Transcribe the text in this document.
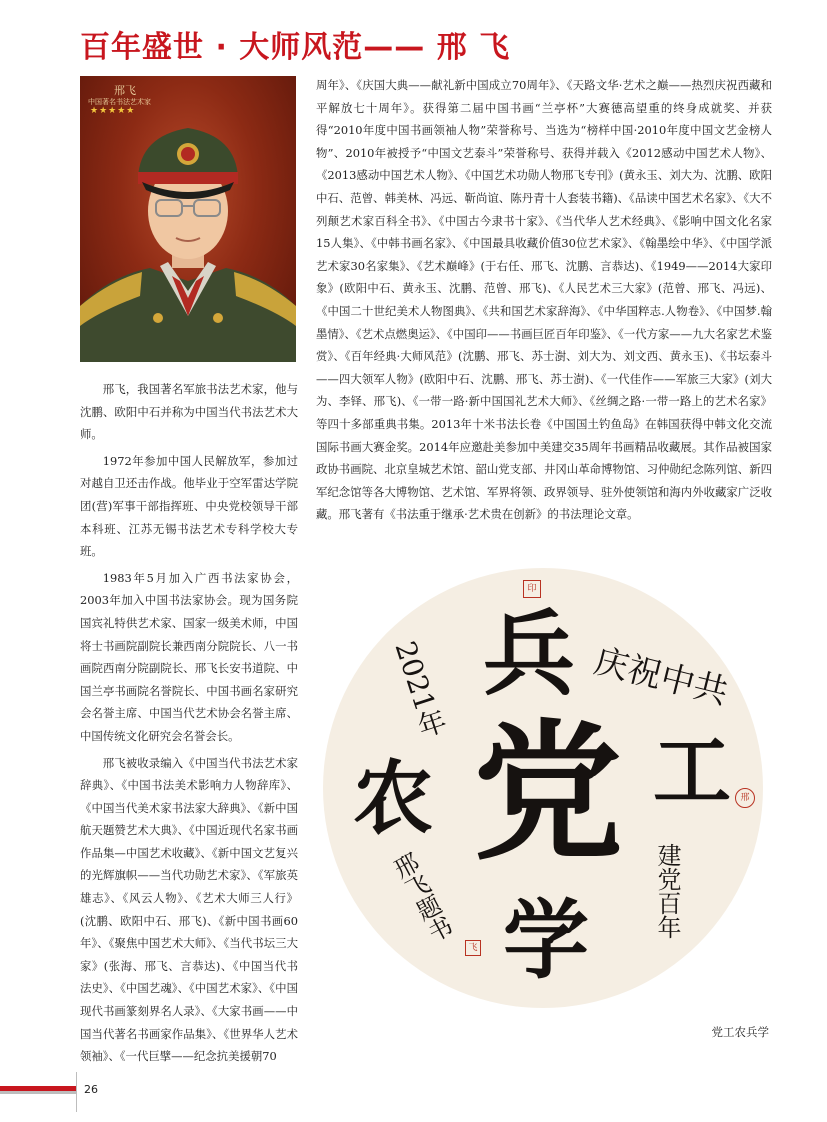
百年盛世 · 大师风范—— 邢 飞
邢飞
中国著名书法艺术家
★★★★★

邢飞，我国著名军旅书法艺术家，他与沈鹏、欧阳中石并称为中国当代书法艺术大师。

1972年参加中国人民解放军，参加过对越自卫还击作战。他毕业于空军雷达学院团(营)军事干部指挥班、中央党校领导干部本科班、江苏无锡书法艺术专科学校大专班。

1983年5月加入广西书法家协会，2003年加入中国书法家协会。现为国务院国宾礼特供艺术家、国家一级美术师，中国将士书画院副院长兼西南分院院长、八一书画院西南分院副院长、邢飞长安书道院、中国兰亭书画院名誉院长、中国书画名家研究会名誉主席、中国当代艺术协会名誉主席、中国传统文化研究会名誉会长。

邢飞被收录编入《中国当代书法艺术家辞典》、《中国书法美术影响力人物辞库》、《中国当代美术家书法家大辞典》、《新中国航天题赞艺术大典》、《中国近现代名家书画作品集—中国艺术收藏》、《新中国文艺复兴的光辉旗帜——当代功勋艺术家》、《军旅英雄志》、《风云人物》、《艺术大师三人行》(沈鹏、欧阳中石、邢飞)、《新中国书画60年》、《聚焦中国艺术大师》、《当代书坛三大家》(张海、邢飞、言恭达)、《中国当代书法史》、《中国艺魂》、《中国艺术家》、《中国现代书画篆刻界名人录》、《大家书画——中国当代著名书画家作品集》、《世界华人艺术领袖》、《一代巨擘——纪念抗美援朝70

周年》、《庆国大典——献礼新中国成立70周年》、《天路文华·艺术之巅——热烈庆祝西藏和平解放七十周年》。获得第二届中国书画“兰亭杯”大赛德高望重的终身成就奖、并获得“2010年度中国书画领袖人物”荣誉称号、当选为“榜样中国·2010年度中国文艺金榜人物”、2010年被授予“中国文艺泰斗”荣誉称号、获得并载入《2012感动中国艺术人物》、《2013感动中国艺术人物》、《中国艺术功勋人物邢飞专刊》(黄永玉、刘大为、沈鹏、欧阳中石、范曾、韩美林、冯远、靳尚谊、陈丹青十人套装书籍)、《品读中国艺术名家》、《大不列颠艺术家百科全书》、《中国古今隶书十家》、《当代华人艺术经典》、《影响中国文化名家15人集》、《中韩书画名家》、《中国最具收藏价值30位艺术家》、《翰墨绘中华》、《中国学派艺术家30名家集》、《艺术巅峰》(于右任、邢飞、沈鹏、言恭达)、《1949——2014大家印象》(欧阳中石、黄永玉、沈鹏、范曾、邢飞)、《人民艺术三大家》(范曾、邢飞、冯远)、《中国二十世纪美术人物图典》、《共和国艺术家辞海》、《中华国粹志.人物卷》、《中国梦.翰墨情》、《艺术点燃奥运》、《中国印——书画巨匠百年印鉴》、《一代方家——九大名家艺术鉴赏》、《百年经典·大师风范》(沈鹏、邢飞、苏士澍、刘大为、刘文西、黄永玉)、《书坛泰斗——四大领军人物》(欧阳中石、沈鹏、邢飞、苏士澍)、《一代佳作——军旅三大家》(刘大为、李铎、邢飞)、《一带一路·新中国国礼艺术大师》、《丝绸之路·一带一路上的艺术名家》等四十多部重典书集。2013年十米书法长卷《中国国土钓鱼岛》在韩国获得中韩文化交流国际书画大赛金奖。2014年应邀赴美参加中美建交35周年书画精品收藏展。其作品被国家政协书画院、北京皇城艺术馆、韶山党支部、井冈山革命博物馆、习仲勋纪念陈列馆、新四军纪念馆等各大博物馆、艺术馆、军界将领、政界领导、驻外使领馆和海内外收藏家广泛收藏。邢飞著有《书法重于继承·艺术贵在创新》的书法理论文章。

兵
党 工
学
农
庆祝中共
建党百年
2021年
邢飞题书
印
邢
飞
党工农兵学
26
